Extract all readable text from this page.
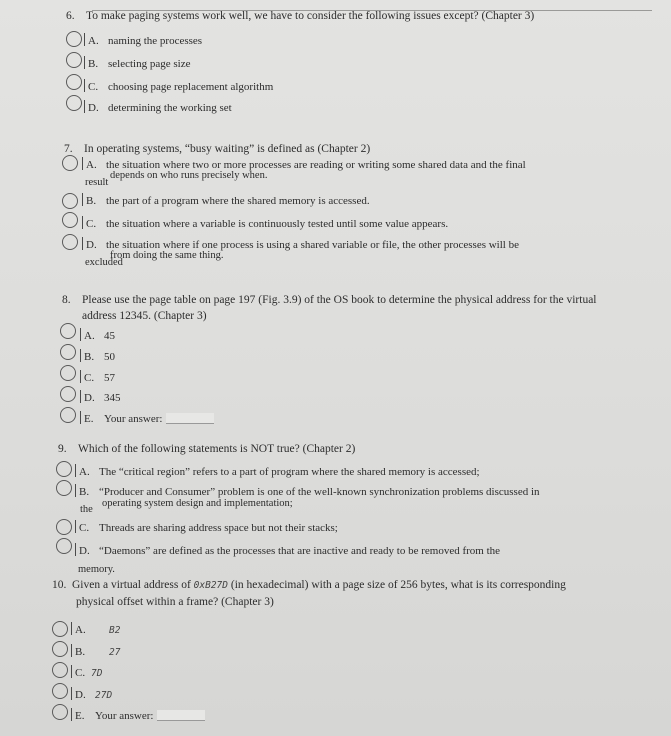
6. To make paging systems work well, we have to consider the following issues except? (Chapter 3)
A. naming the processes
B. selecting page size
C. choosing page replacement algorithm
D. determining the working set
7. In operating systems, “busy waiting” is defined as (Chapter 2)
A. the situation where two or more processes are reading or writing some shared data and the final
result
depends on who runs precisely when.
B. the part of a program where the shared memory is accessed.
C. the situation where a variable is continuously tested until some value appears.
D. the situation where if one process is using a shared variable or file, the other processes will be
excluded
from doing the same thing.
8. Please use the page table on page 197 (Fig. 3.9) of the OS book to determine the physical address for the virtual
address 12345. (Chapter 3)
A. 45
B. 50
C. 57
D. 345
E. Your answer:
9. Which of the following statements is NOT true? (Chapter 2)
A. The “critical region” refers to a part of program where the shared memory is accessed;
B. “Producer and Consumer” problem is one of the well-known synchronization problems discussed in
the
operating system design and implementation;
C. Threads are sharing address space but not their stacks;
D. “Daemons” are defined as the processes that are inactive and ready to be removed from the
memory.
10. Given a virtual address of 0xB27D (in hexadecimal) with a page size of 256 bytes, what is its corresponding
physical offset within a frame? (Chapter 3)
A. B2
B.	27
C. 7D
D. 27D
E. Your answer:
